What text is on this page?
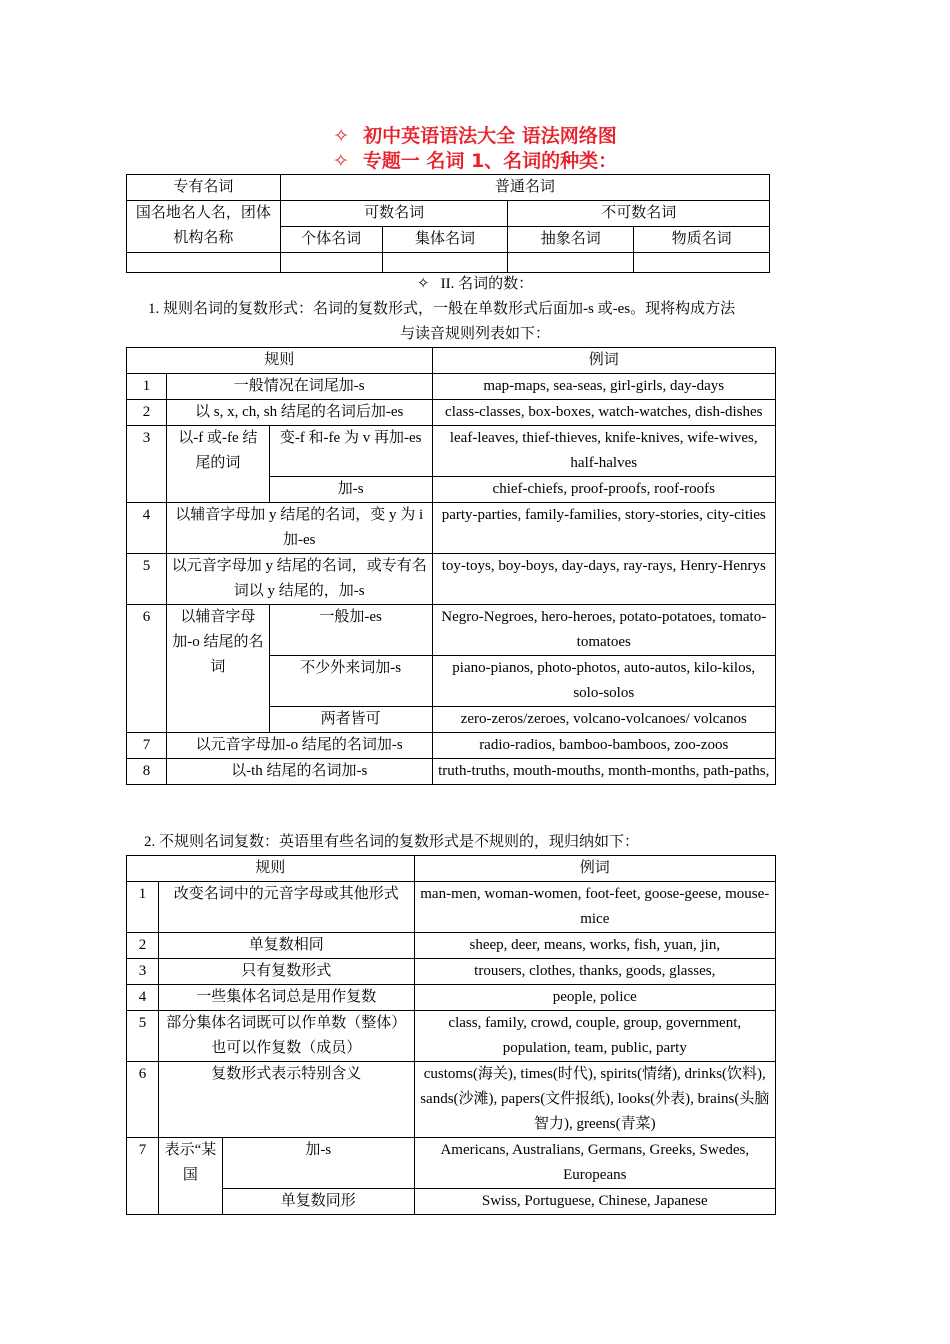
✧ 初中英语语法大全 语法网络图
✧ 专题一 名词 1、名词的种类：
专有名词	普通名词			
国名地名人名，团体机构名称	可数名词		不可数名词	
	个体名词	集体名词	抽象名词	物质名词

✧ II. 名词的数：
1. 规则名词的复数形式：名词的复数形式，一般在单数形式后面加-s 或-es。现将构成方法
与读音规则列表如下：
规则			例词
1	一般情况在词尾加-s		map-maps, sea-seas, girl-girls, day-days
2	以 s, x, ch, sh 结尾的名词后加-es		class-classes, box-boxes, watch-watches, dish-dishes
3	以-f 或-fe 结尾的词	变-f 和-fe 为 v 再加-es	leaf-leaves, thief-thieves, knife-knives, wife-wives, half-halves
		加-s	chief-chiefs, proof-proofs, roof-roofs
4	以辅音字母加 y 结尾的名词，变 y 为 i 加-es		party-parties, family-families, story-stories, city-cities
5	以元音字母加 y 结尾的名词，或专有名词以 y 结尾的，加-s		toy-toys, boy-boys, day-days, ray-rays, Henry-Henrys
6	以辅音字母加-o 结尾的名词	一般加-es	Negro-Negroes, hero-heroes, potato-potatoes, tomato-tomatoes
		不少外来词加-s	piano-pianos, photo-photos, auto-autos, kilo-kilos, solo-solos
		两者皆可	zero-zeros/zeroes, volcano-volcanoes/ volcanos
7	以元音字母加-o 结尾的名词加-s		radio-radios, bamboo-bamboos, zoo-zoos
8	以-th 结尾的名词加-s		truth-truths, mouth-mouths, month-months, path-paths,
2. 不规则名词复数：英语里有些名词的复数形式是不规则的，现归纳如下：
规则			例词
1	改变名词中的元音字母或其他形式		man-men, woman-women, foot-feet, goose-geese, mouse-mice
2	单复数相同		sheep, deer, means, works, fish, yuan, jin,
3	只有复数形式		trousers, clothes, thanks, goods, glasses,
4	一些集体名词总是用作复数		people, police
5	部分集体名词既可以作单数（整体）也可以作复数（成员）		class, family, crowd, couple, group, government, population, team, public, party
6	复数形式表示特别含义		customs(海关), times(时代), spirits(情绪), drinks(饮料), sands(沙滩), papers(文件报纸), looks(外表), brains(头脑智力), greens(青菜)
7	表示“某国	加-s	Americans, Australians, Germans, Greeks, Swedes, Europeans
		单复数同形	Swiss, Portuguese, Chinese, Japanese
